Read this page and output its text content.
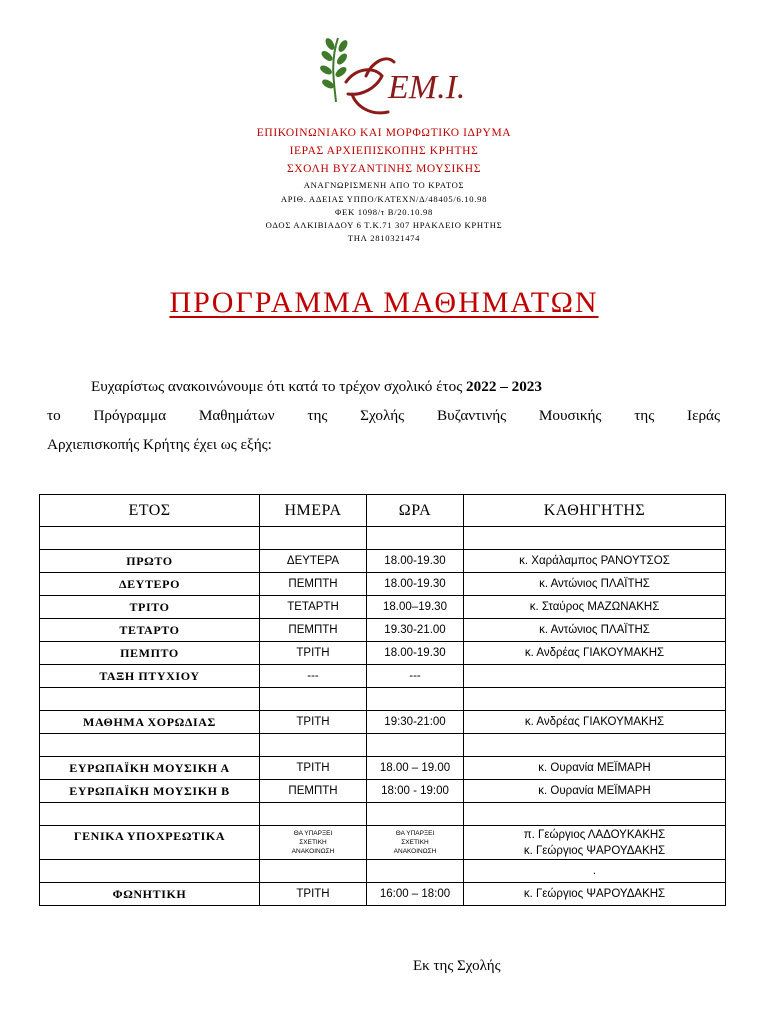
ΕΜ.Ι.
ΕΠΙΚΟΙΝΩΝΙΑΚΟ ΚΑΙ ΜΟΡΦΩΤΙΚΟ ΙΔΡΥΜΑ
ΙΕΡΑΣ ΑΡΧΙΕΠΙΣΚΟΠΗΣ ΚΡΗΤΗΣ
ΣΧΟΛΗ ΒΥΖΑΝΤΙΝΗΣ ΜΟΥΣΙΚΗΣ
ΑΝΑΓΝΩΡΙΣΜΕΝΗ ΑΠΟ ΤΟ ΚΡΑΤΟΣ
ΑΡΙΘ. ΑΔΕΙΑΣ ΥΠΠΟ/ΚΑΤΕΧΝ/Δ/48405/6.10.98
ΦΕΚ 1098/τ Β/20.10.98
ΟΔΟΣ ΑΛΚΙΒΙΑΔΟΥ 6 Τ.Κ.71 307 ΗΡΑΚΛΕΙΟ ΚΡΗΤΗΣ
ΤΗΛ 2810321474
ΠΡΟΓΡΑΜΜΑ ΜΑΘΗΜΑΤΩΝ
Ευχαρίστως ανακοινώνουμε ότι κατά το τρέχον σχολικό έτος 2022 – 2023
το Πρόγραμμα Μαθημάτων της Σχολής Βυζαντινής Μουσικής της Ιεράς
Αρχιεπισκοπής Κρήτης έχει ως εξής:
ΕΤΟΣ	ΗΜΕΡΑ	ΩΡΑ	ΚΑΘΗΓΗΤΗΣ

ΠΡΩΤΟ	ΔΕΥΤΕΡΑ	18.00-19.30	κ. Χαράλαμπος ΡΑΝΟΥΤΣΟΣ
ΔΕΥΤΕΡΟ	ΠΕΜΠΤΗ	18.00-19.30	κ. Αντώνιος ΠΛΑΪΤΗΣ
ΤΡΙΤΟ	ΤΕΤΑΡΤΗ	18.00–19.30	κ. Σταύρος ΜΑΖΩΝΑΚΗΣ
ΤΕΤΑΡΤΟ	ΠΕΜΠΤΗ	19.30-21.00	κ. Αντώνιος ΠΛΑΪΤΗΣ
ΠΕΜΠΤΟ	ΤΡΙΤΗ	18.00-19.30	κ. Ανδρέας ΓΙΑΚΟΥΜΑΚΗΣ
ΤΑΞΗ ΠΤΥΧΙΟΥ	---	---	

ΜΑΘΗΜΑ ΧΟΡΩΔΙΑΣ	ΤΡΙΤΗ	19:30-21:00	κ. Ανδρέας ΓΙΑΚΟΥΜΑΚΗΣ

ΕΥΡΩΠΑΪΚΗ ΜΟΥΣΙΚΗ Α	ΤΡΙΤΗ	18.00 – 19.00	κ. Ουρανία ΜΕΪΜΑΡΗ
ΕΥΡΩΠΑΪΚΗ ΜΟΥΣΙΚΗ Β	ΠΕΜΠΤΗ	18:00 - 19:00	κ. Ουρανία ΜΕΪΜΑΡΗ

ΓΕΝΙΚΑ ΥΠΟΧΡΕΩΤΙΚΑ	ΘΑ ΥΠΑΡΞΕΙ ΣΧΕΤΙΚΗ ΑΝΑΚΟΙΝΩΣΗ	ΘΑ ΥΠΑΡΞΕΙ ΣΧΕΤΙΚΗ ΑΝΑΚΟΙΝΩΣΗ	π. Γεώργιος ΛΑΔΟΥΚΑΚΗΣ
κ. Γεώργιος ΨΑΡΟΥΔΑΚΗΣ
			.
ΦΩΝΗΤΙΚΗ	ΤΡΙΤΗ	16:00 – 18:00	κ. Γεώργιος ΨΑΡΟΥΔΑΚΗΣ
Εκ της Σχολής
